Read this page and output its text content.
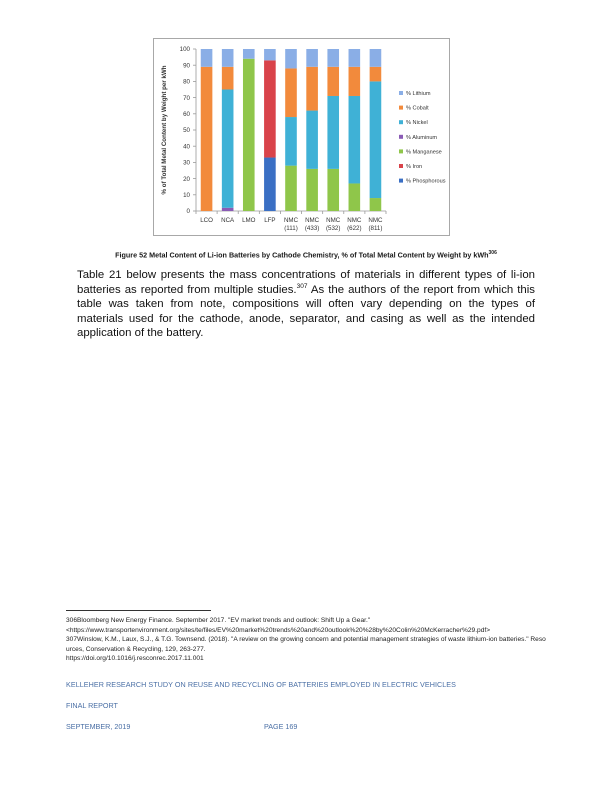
% of Total Metal Content by Weight per kWh
0
10
20
30
40
50
60
70
80
90
100
LCO NCA LMO LFP NMC
(111)
NMC
(433)
NMC
(532)
NMC
(622)
NMC
(811)
% Lithium
% Cobalt
% Nickel
% Aluminum
% Manganese
% Iron
% Phosphorous
Figure 52 Metal Content of Li-ion Batteries by Cathode Chemistry, % of Total Metal Content by Weight by kWh$^{306}$
Table 21 below presents the mass concentrations of materials in different types of li-ion batteries as reported from multiple studies.$^{307}$ As the authors of the report from which this table was taken from note, compositions will often vary depending on the types of materials used for the cathode, anode, separator, and casing as well as the intended application of the battery.
306Bloomberg New Energy Finance. September 2017. "EV market trends and outlook: Shift Up a Gear."
<https://www.transportenvironment.org/sites/te/files/EV%20market%20trends%20and%20outlook%20%28by%20Colin%20McKerracher%29.pdf>
307Winslow, K.M., Laux, S.J., & T.G. Townsend. (2018). "A review on the growing concern and potential management strategies of waste lithium-ion batteries." Resources, Conservation & Recycling, 129, 263-277.
https://doi.org/10.1016/j.resconrec.2017.11.001
KELLEHER RESEARCH STUDY ON REUSE AND RECYCLING OF BATTERIES EMPLOYED IN ELECTRIC VEHICLES
FINAL REPORT
SEPTEMBER, 2019	PAGE 169
